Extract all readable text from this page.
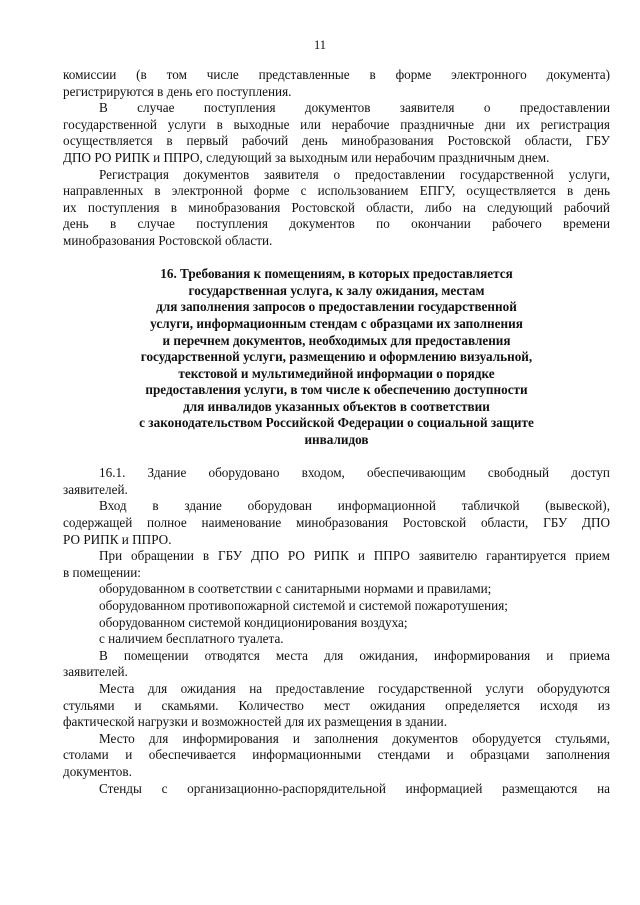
11
комиссии (в том числе представленные в форме электронного документа)
регистрируются в день его поступления.
В случае поступления документов заявителя о предоставлении
государственной услуги в выходные или нерабочие праздничные дни их регистрация
осуществляется в первый рабочий день минобразования Ростовской области, ГБУ
ДПО РО РИПК и ППРО, следующий за выходным или нерабочим праздничным днем.
Регистрация документов заявителя о предоставлении государственной услуги,
направленных в электронной форме с использованием ЕПГУ, осуществляется в день
их поступления в минобразования Ростовской области, либо на следующий рабочий
день в случае поступления документов по окончании рабочего времени
минобразования Ростовской области.
16. Требования к помещениям, в которых предоставляется
государственная услуга, к залу ожидания, местам
для заполнения запросов о предоставлении государственной
услуги, информационным стендам с образцами их заполнения
и перечнем документов, необходимых для предоставления
государственной услуги, размещению и оформлению визуальной,
текстовой и мультимедийной информации о порядке
предоставления услуги, в том числе к обеспечению доступности
для инвалидов указанных объектов в соответствии
с законодательством Российской Федерации о социальной защите
инвалидов
16.1. Здание оборудовано входом, обеспечивающим свободный доступ
заявителей.
Вход в здание оборудован информационной табличкой (вывеской),
содержащей полное наименование минобразования Ростовской области, ГБУ ДПО
РО РИПК и ППРО.
При обращении в ГБУ ДПО РО РИПК и ППРО заявителю гарантируется прием
в помещении:
оборудованном в соответствии с санитарными нормами и правилами;
оборудованном противопожарной системой и системой пожаротушения;
оборудованном системой кондиционирования воздуха;
с наличием бесплатного туалета.
В помещении отводятся места для ожидания, информирования и приема
заявителей.
Места для ожидания на предоставление государственной услуги оборудуются
стульями и скамьями. Количество мест ожидания определяется исходя из
фактической нагрузки и возможностей для их размещения в здании.
Место для информирования и заполнения документов оборудуется стульями,
столами и обеспечивается информационными стендами и образцами заполнения
документов.
Стенды с организационно-распорядительной информацией размещаются на
